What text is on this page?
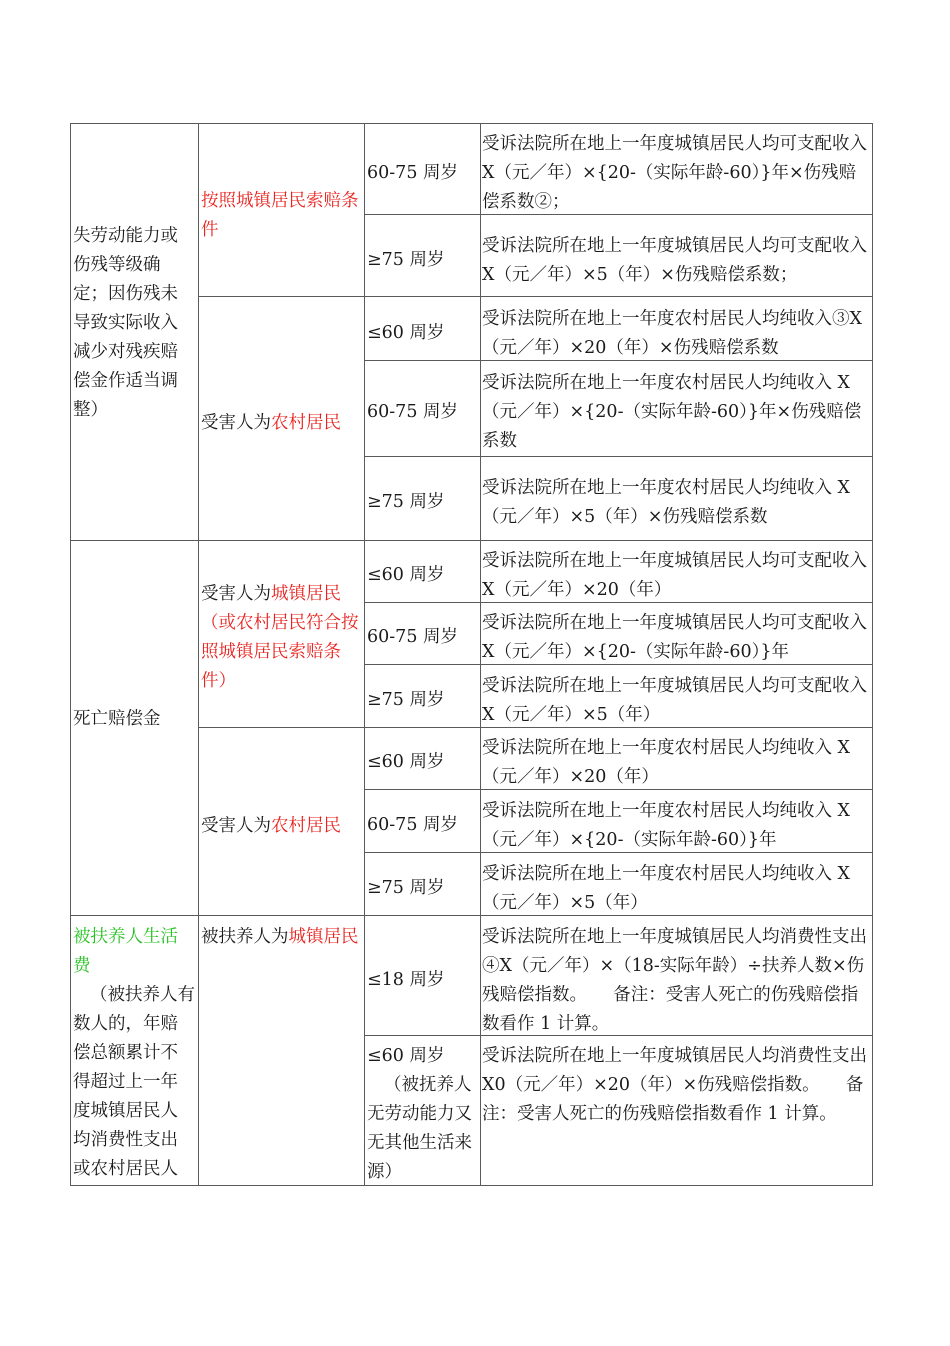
失劳动能力或伤残等级确定；因伤残未导致实际收入减少对残疾赔偿金作适当调整）
按照城镇居民索赔条件
60-75 周岁
受诉法院所在地上一年度城镇居民人均可支配收入 X（元／年）×{20-（实际年龄-60）}年×伤残赔偿系数②；
≥75 周岁
受诉法院所在地上一年度城镇居民人均可支配收入 X（元／年）×5（年）×伤残赔偿系数；
受害人为农村居民
≤60 周岁
受诉法院所在地上一年度农村居民人均纯收入③X（元／年）×20（年）×伤残赔偿系数
60-75 周岁
受诉法院所在地上一年度农村居民人均纯收入 X（元／年）×{20-（实际年龄-60）}年×伤残赔偿系数
≥75 周岁
受诉法院所在地上一年度农村居民人均纯收入 X（元／年）×5（年）×伤残赔偿系数
死亡赔偿金
受害人为城镇居民（或农村居民符合按照城镇居民索赔条件）
≤60 周岁
受诉法院所在地上一年度城镇居民人均可支配收入 X（元／年）×20（年）
60-75 周岁
受诉法院所在地上一年度城镇居民人均可支配收入 X（元／年）×{20-（实际年龄-60）}年
≥75 周岁
受诉法院所在地上一年度城镇居民人均可支配收入 X（元／年）×5（年）
受害人为农村居民
≤60 周岁
受诉法院所在地上一年度农村居民人均纯收入 X（元／年）×20（年）
60-75 周岁
受诉法院所在地上一年度农村居民人均纯收入 X（元／年）×{20-（实际年龄-60）}年
≥75 周岁
受诉法院所在地上一年度农村居民人均纯收入 X（元／年）×5（年）
被扶养人生活费
（被扶养人有数人的，年赔偿总额累计不得超过上一年度城镇居民人均消费性支出或农村居民人
被扶养人为城镇居民
≤18 周岁
受诉法院所在地上一年度城镇居民人均消费性支出④X（元／年）×（18-实际年龄）÷扶养人数×伤残赔偿指数。　　备注：受害人死亡的伤残赔偿指数看作 1 计算。
≤60 周岁
（被抚养人无劳动能力又无其他生活来源）
受诉法院所在地上一年度城镇居民人均消费性支出 X0（元／年）×20（年）×伤残赔偿指数。　　备注：受害人死亡的伤残赔偿指数看作 1 计算。
